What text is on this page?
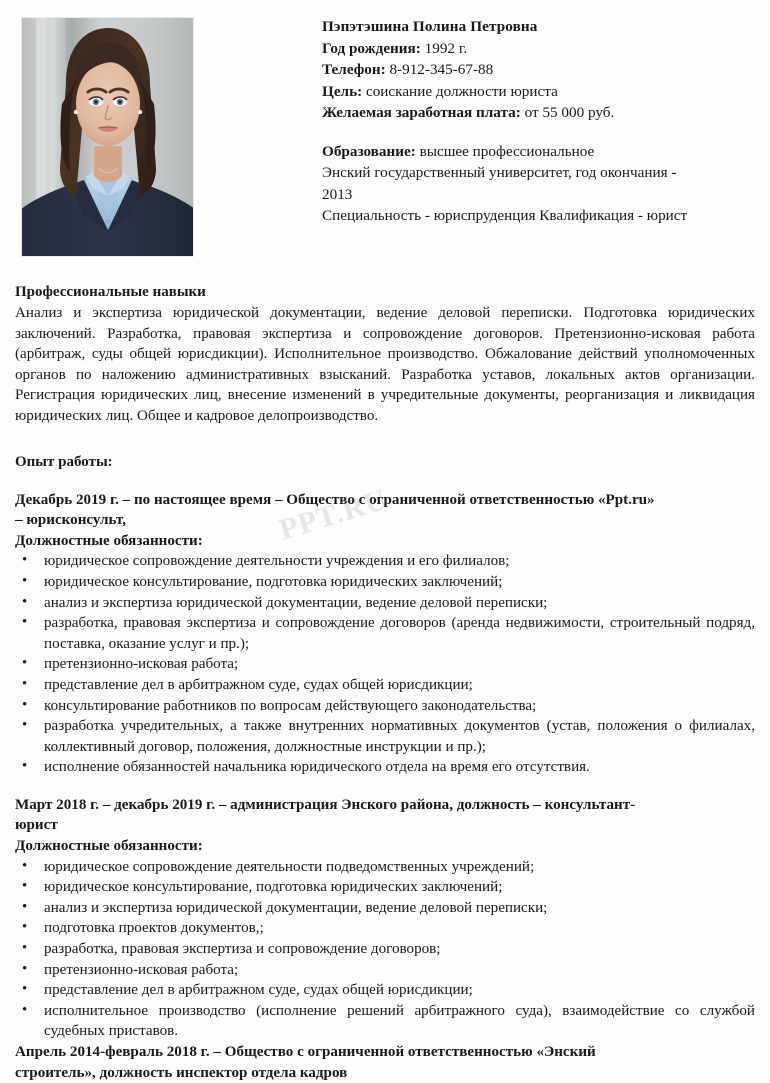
PPT.RU
Пэпэтэшина Полина Петровна
Год рождения: 1992 г.
Телефон: 8-912-345-67-88
Цель: соискание должности юриста
Желаемая заработная плата: от 55 000 руб.
Образование: высшее профессиональное
Энский государственный университет, год окончания -
2013
Специальность - юриспруденция Квалификация - юрист
Профессиональные навыки

Анализ и экспертиза юридической документации, ведение деловой переписки. Подготовка юридических заключений. Разработка, правовая экспертиза и сопровождение договоров. Претензионно-исковая работа (арбитраж, суды общей юрисдикции). Исполнительное производство. Обжалование действий уполномоченных органов по наложению административных взысканий. Разработка уставов, локальных актов организации. Регистрация юридических лиц, внесение изменений в учредительные документы, реорганизация и ликвидация юридических лиц. Общее и кадровое делопроизводство.

Опыт работы:

Декабрь 2019 г. – по настоящее время – Общество с ограниченной ответственностью «Ppt.ru»

– юрисконсульт,

Должностные обязанности:

• юридическое сопровождение деятельности учреждения и его филиалов;
• юридическое консультирование, подготовка юридических заключений;
• анализ и экспертиза юридической документации, ведение деловой переписки;
• разработка, правовая экспертиза и сопровождение договоров (аренда недвижимости, строительный подряд, поставка, оказание услуг и пр.);
• претензионно-исковая работа;
• представление дел в арбитражном суде, судах общей юрисдикции;
• консультирование работников по вопросам действующего законодательства;
• разработка учредительных, а также внутренних нормативных документов (устав, положения о филиалах, коллективный договор, положения, должностные инструкции и пр.);
• исполнение обязанностей начальника юридического отдела на время его отсутствия.

Март 2018 г. – декабрь 2019 г. – администрация Энского района, должность – консультант-

юрист

Должностные обязанности:

• юридическое сопровождение деятельности подведомственных учреждений;
• юридическое консультирование, подготовка юридических заключений;
• анализ и экспертиза юридической документации, ведение деловой переписки;
• подготовка проектов документов,;
• разработка, правовая экспертиза и сопровождение договоров;
• претензионно-исковая работа;
• представление дел в арбитражном суде, судах общей юрисдикции;
• исполнительное производство (исполнение решений арбитражного суда), взаимодействие со службой судебных приставов.

Апрель 2014-февраль 2018 г. – Общество с ограниченной ответственностью «Энский

строитель», должность инспектор отдела кадров
